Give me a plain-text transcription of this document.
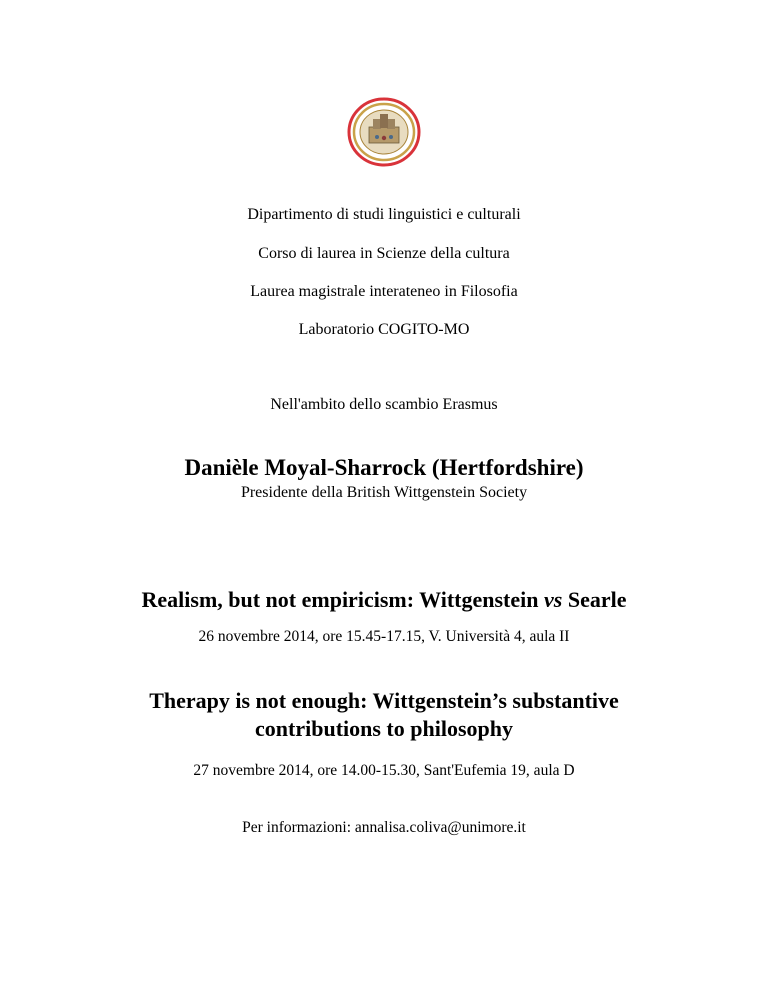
Dipartimento di studi linguistici e culturali
Corso di laurea in Scienze della cultura
Laurea magistrale interateneo in Filosofia
Laboratorio COGITO-MO
Nell'ambito dello scambio Erasmus
Danièle Moyal-Sharrock (Hertfordshire)
Presidente della British Wittgenstein Society
Realism, but not empiricism: Wittgenstein vs Searle
26 novembre 2014, ore 15.45-17.15, V. Università 4, aula II
Therapy is not enough: Wittgenstein’s substantive
contributions to philosophy
27 novembre 2014, ore 14.00-15.30, Sant'Eufemia 19, aula D
Per informazioni: annalisa.coliva@unimore.it
